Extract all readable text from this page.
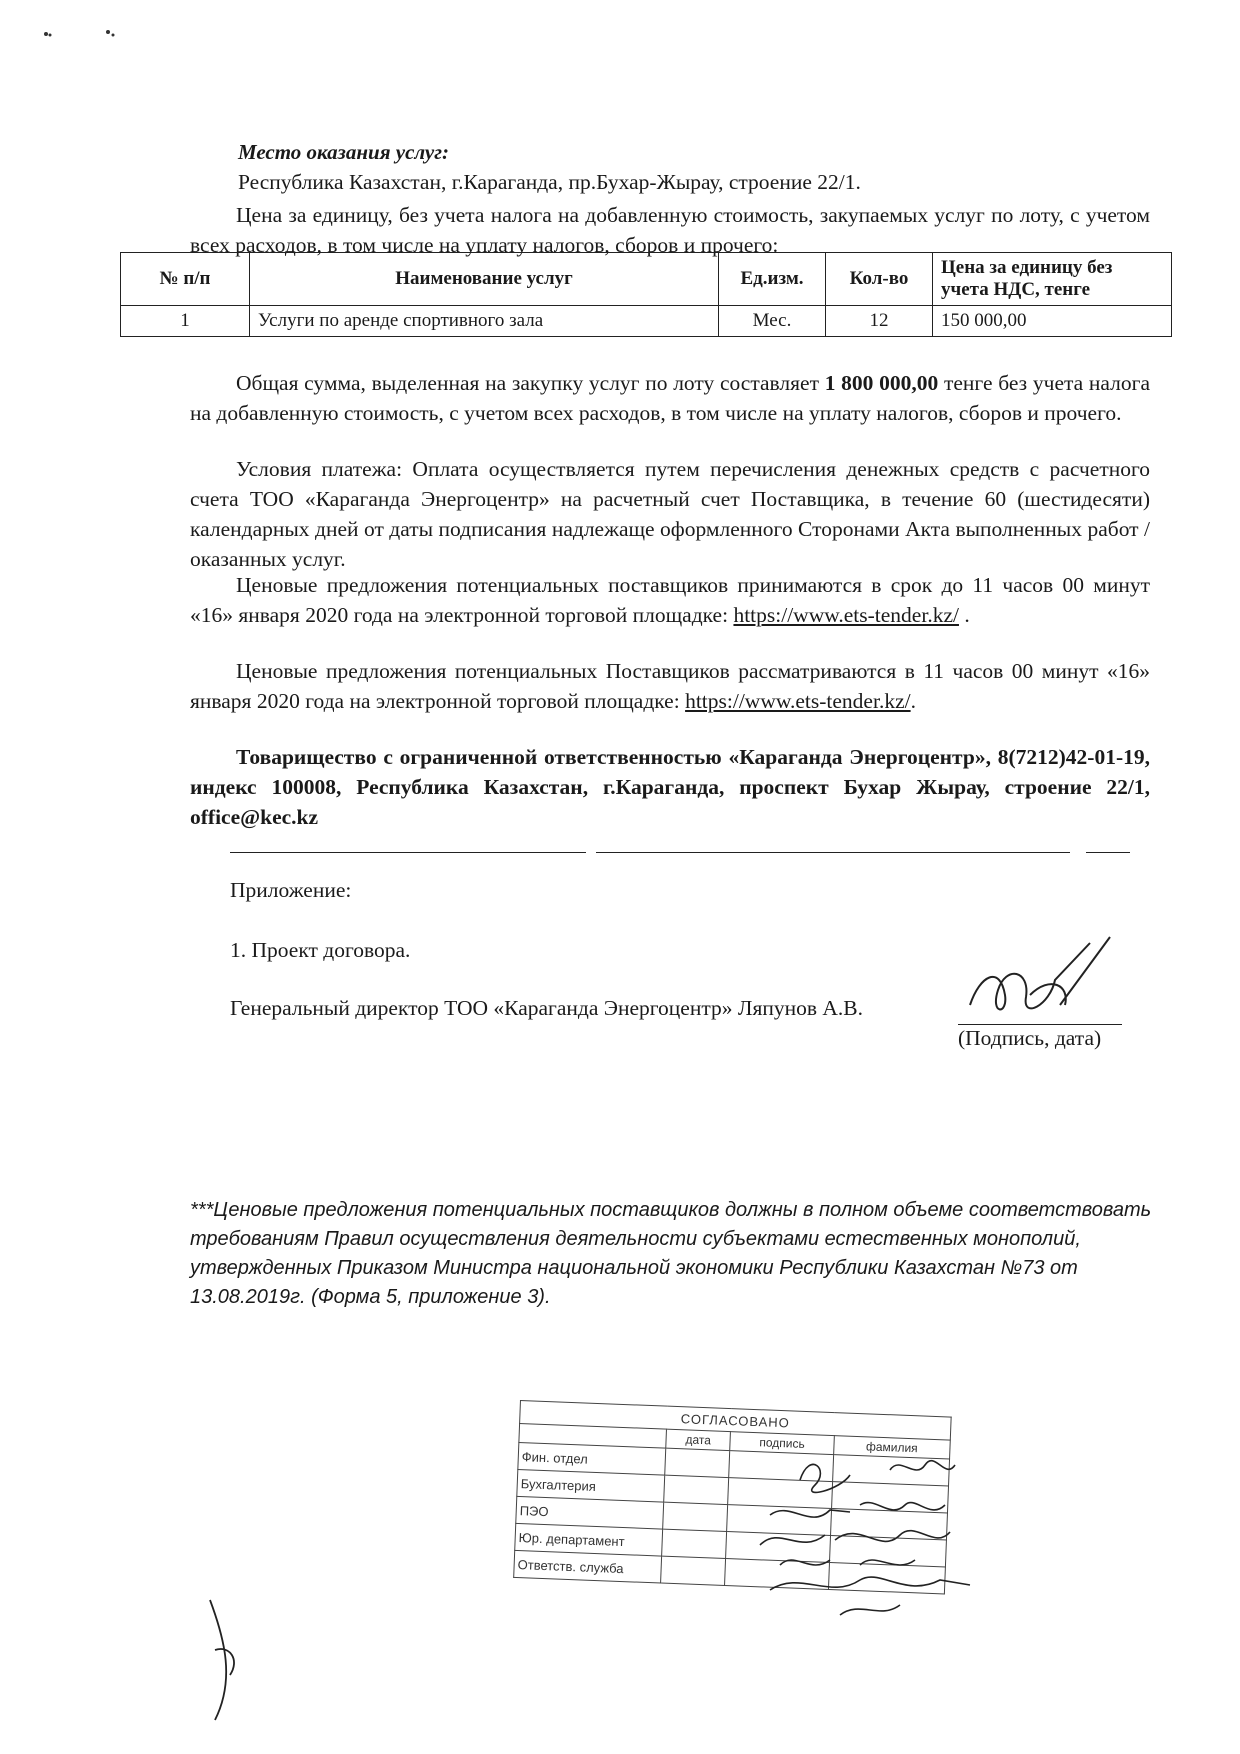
Место оказания услуг:
Республика Казахстан, г.Караганда, пр.Бухар-Жырау, строение 22/1.

Цена за единицу, без учета налога на добавленную стоимость, закупаемых услуг по лоту, с учетом всех расходов, в том числе на уплату налогов, сборов и прочего:

№ п/п	Наименование услуг	Ед.изм.	Кол-во	Цена за единицу без учета НДС, тенге
1	Услуги по аренде спортивного зала	Мес.	12	150 000,00

Общая сумма, выделенная на закупку услуг по лоту составляет 1 800 000,00 тенге без учета налога на добавленную стоимость, с учетом всех расходов, в том числе на уплату налогов, сборов и прочего.

Условия платежа: Оплата осуществляется путем перечисления денежных средств с расчетного счета ТОО «Караганда Энергоцентр» на расчетный счет Поставщика, в течение 60 (шестидесяти) календарных дней от даты подписания надлежаще оформленного Сторонами Акта выполненных работ / оказанных услуг.

Ценовые предложения потенциальных поставщиков принимаются в срок до 11 часов 00 минут «16» января 2020 года на электронной торговой площадке: https://www.ets-tender.kz/ .

Ценовые предложения потенциальных Поставщиков рассматриваются в 11 часов 00 минут «16» января 2020 года на электронной торговой площадке: https://www.ets-tender.kz/.

Товарищество с ограниченной ответственностью «Караганда Энергоцентр», 8(7212)42-01-19, индекс 100008, Республика Казахстан, г.Караганда, проспект Бухар Жырау, строение 22/1, office@kec.kz

Приложение:
1. Проект договора.
Генеральный директор ТОО «Караганда Энергоцентр» Ляпунов А.В.
(Подпись, дата)

***Ценовые предложения потенциальных поставщиков должны в полном объеме соответствовать требованиям Правил осуществления деятельности субъектами естественных монополий, утвержденных Приказом Министра национальной экономики Республики Казахстан №73 от 13.08.2019г. (Форма 5, приложение 3).

СОГЛАСОВАНО			
	дата	подпись	фамилия
Фин. отдел			
Бухгалтерия			
ПЭО			
Юр. департамент			
Ответств. служба			
